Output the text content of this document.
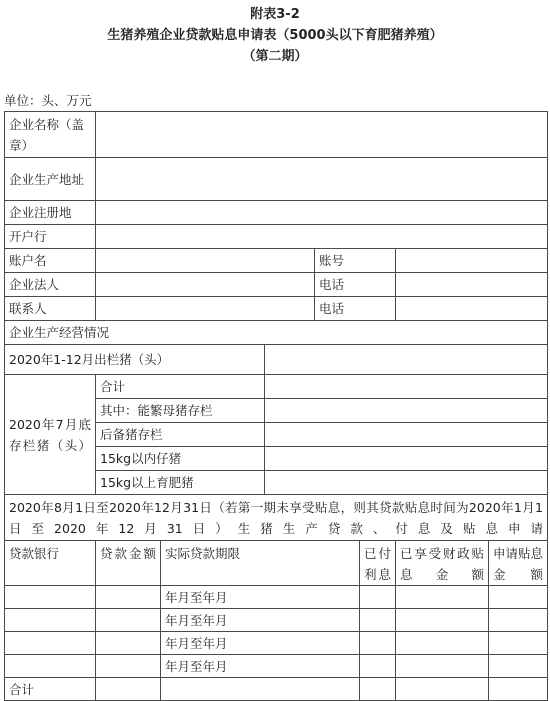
附表3-2
生猪养殖企业贷款贴息申请表（5000头以下育肥猪养殖）
（第二期）
单位：头、万元
企业名称（盖章）							
企业生产地址							
企业注册地							
开户行							
账户名				账号			
企业法人				电话			
联系人				电话			
企业生产经营情况							
2020年1-12月出栏猪（头）							
2020年7月底存栏猪（头）	合计						
	其中：能繁母猪存栏						
	后备猪存栏						
	15kg以内仔猪						
	15kg以上育肥猪						
2020年8月1日至2020年12月31日（若第一期未享受贴息，则其贷款贴息时间为2020年1月1日至2020年12月31日）生猪生产贷款、付息及贴息申请							
贷款银行	贷款金额	实际贷款期限			已付利息	已享受财政贴息金额	申请贴息金额
		年月至年月					
		年月至年月					
		年月至年月					
		年月至年月					
合计							
